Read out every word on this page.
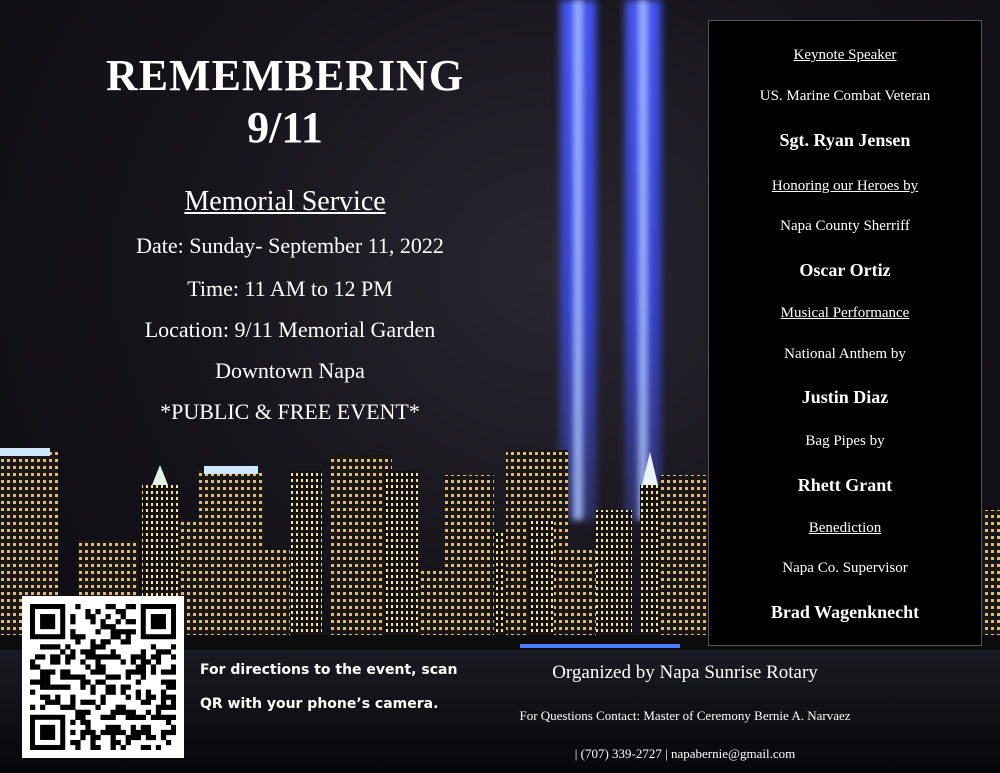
REMEMBERING
9/11
Memorial Service
Date: Sunday- September 11, 2022
Time: 11 AM to 12 PM
Location: 9/11 Memorial Garden
Downtown Napa
*PUBLIC & FREE EVENT*
Keynote Speaker
US. Marine Combat Veteran
Sgt. Ryan Jensen
Honoring our Heroes by
Napa County Sherriff
Oscar Ortiz
Musical Performance
National Anthem by
Justin Diaz
Bag Pipes by
Rhett Grant
Benediction
Napa Co. Supervisor
Brad Wagenknecht
For directions to the event, scan
QR with your phone’s camera.
Organized by Napa Sunrise Rotary
For Questions Contact: Master of Ceremony Bernie A. Narvaez
| (707) 339-2727 | napabernie@gmail.com
